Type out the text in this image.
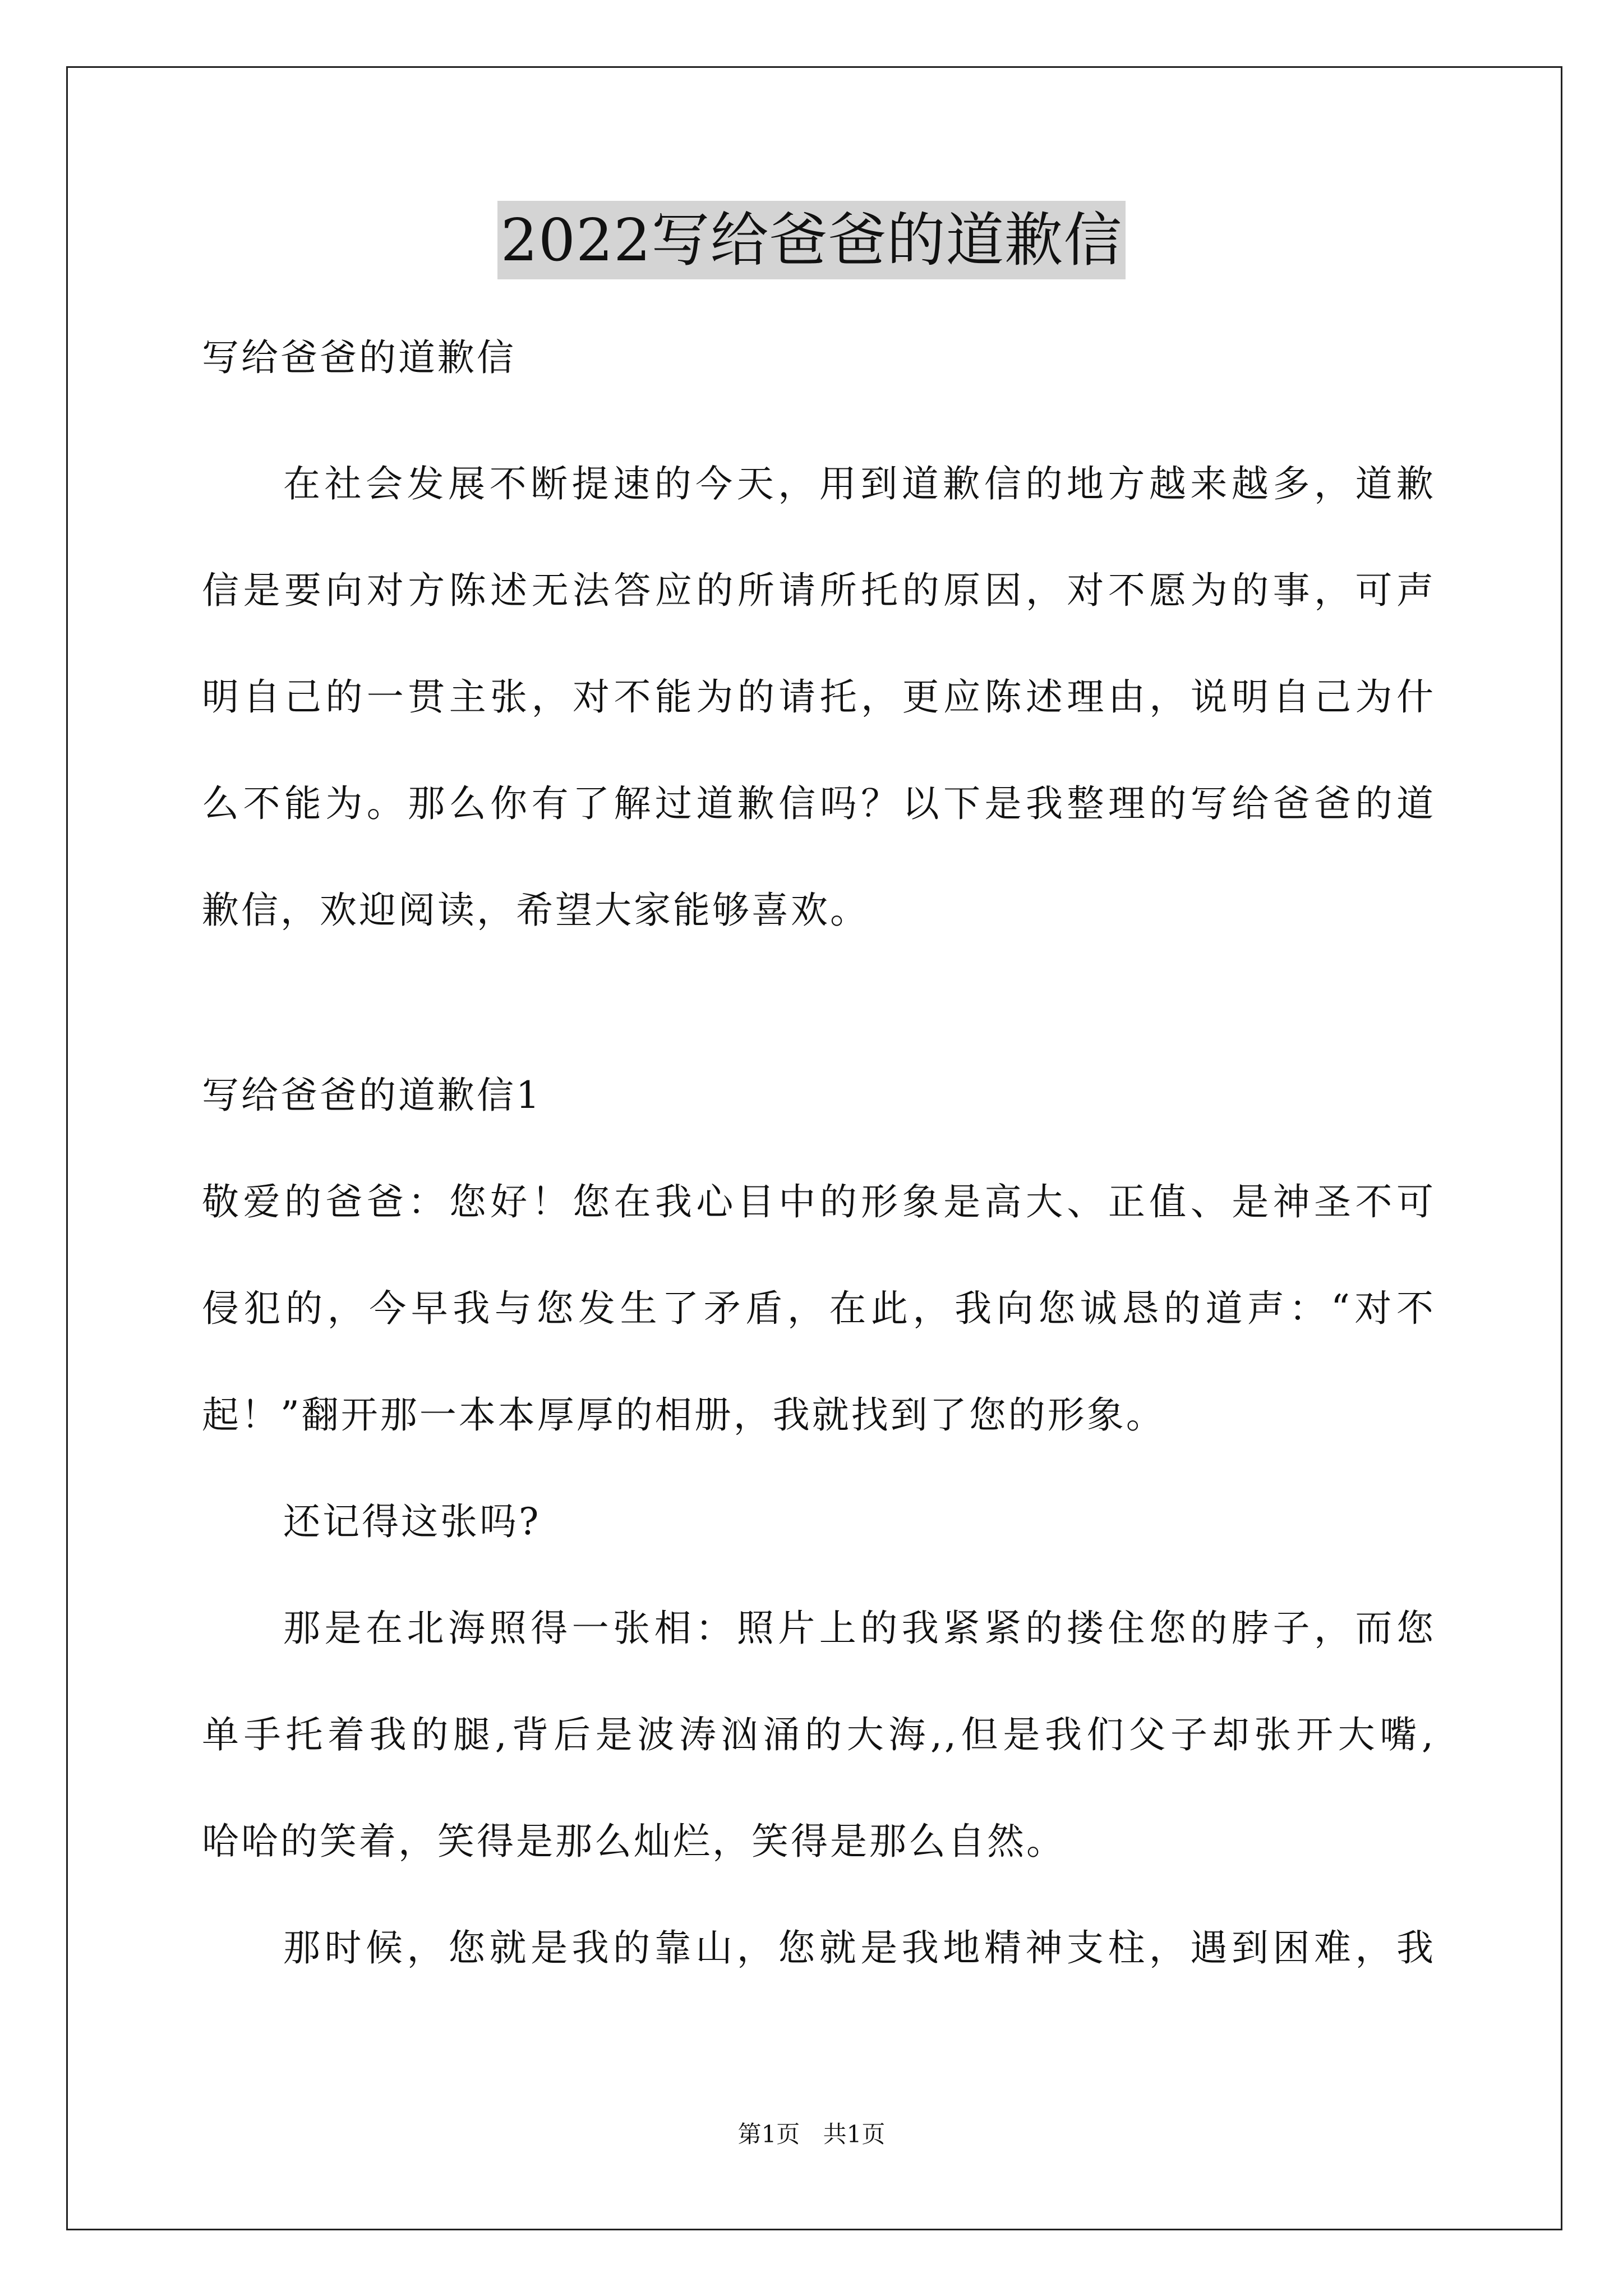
2022写给爸爸的道歉信
写给爸爸的道歉信
在社会发展不断提速的今天，用到道歉信的地方越来越多，道歉
信是要向对方陈述无法答应的所请所托的原因，对不愿为的事，可声
明自己的一贯主张，对不能为的请托，更应陈述理由，说明自己为什
么不能为。那么你有了解过道歉信吗？以下是我整理的写给爸爸的道
歉信，欢迎阅读，希望大家能够喜欢。
写给爸爸的道歉信1
敬爱的爸爸：您好！您在我心目中的形象是高大、正值、是神圣不可
侵犯的，今早我与您发生了矛盾，在此，我向您诚恳的道声：“对不
起！”翻开那一本本厚厚的相册，我就找到了您的形象。
还记得这张吗?
那是在北海照得一张相：照片上的我紧紧的搂住您的脖子，而您
单手托着我的腿,背后是波涛汹涌的大海,,但是我们父子却张开大嘴,
哈哈的笑着，笑得是那么灿烂，笑得是那么自然。
那时候，您就是我的靠山，您就是我地精神支柱，遇到困难，我
第1页 共1页
